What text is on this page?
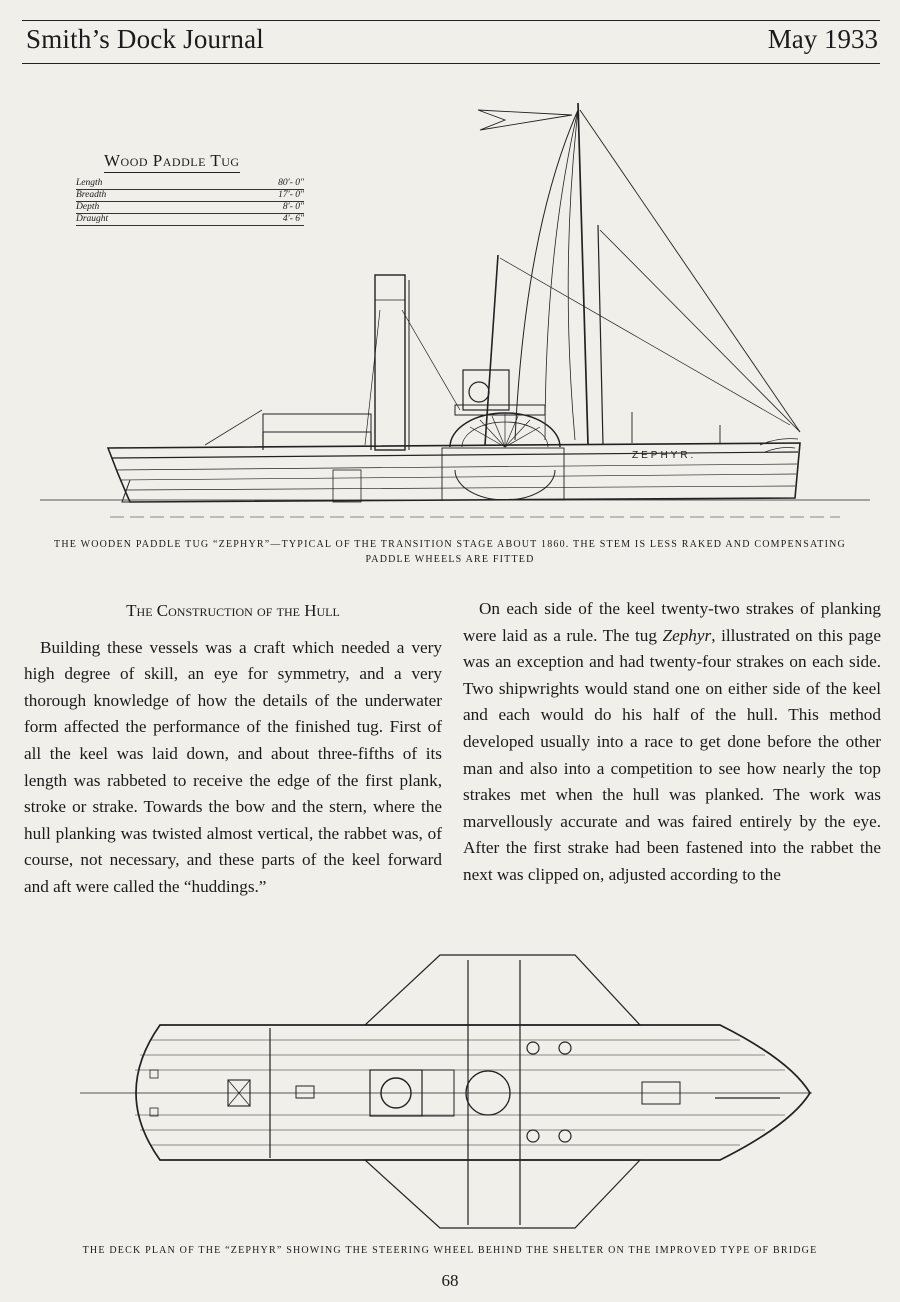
Smith’s Dock Journal	May 1933
Wood Paddle Tug
Length	80′- 0″
Breadth	17′- 0″
Depth	8′- 0″
Draught	4′- 6″
ZEPHYR.
THE WOODEN PADDLE TUG “ZEPHYR”—TYPICAL OF THE TRANSITION STAGE ABOUT 1860. THE STEM IS LESS RAKED AND COMPENSATING PADDLE WHEELS ARE FITTED
The Construction of the Hull

Building these vessels was a craft which needed a very high degree of skill, an eye for symmetry, and a very thorough knowledge of how the details of the underwater form affected the performance of the finished tug. First of all the keel was laid down, and about three-fifths of its length was rabbeted to receive the edge of the first plank, stroke or strake. Towards the bow and the stern, where the hull planking was twisted almost vertical, the rabbet was, of course, not necessary, and these parts of the keel forward and aft were called the “huddings.”

On each side of the keel twenty-two strakes of planking were laid as a rule. The tug Zephyr, illustrated on this page was an exception and had twenty-four strakes on each side. Two shipwrights would stand one on either side of the keel and each would do his half of the hull. This method developed usually into a race to get done before the other man and also into a competition to see how nearly the top strakes met when the hull was planked. The work was marvellously accurate and was faired entirely by the eye. After the first strake had been fastened into the rabbet the next was clipped on, adjusted according to the

THE DECK PLAN OF THE “ZEPHYR” SHOWING THE STEERING WHEEL BEHIND THE SHELTER ON THE IMPROVED TYPE OF BRIDGE
68
